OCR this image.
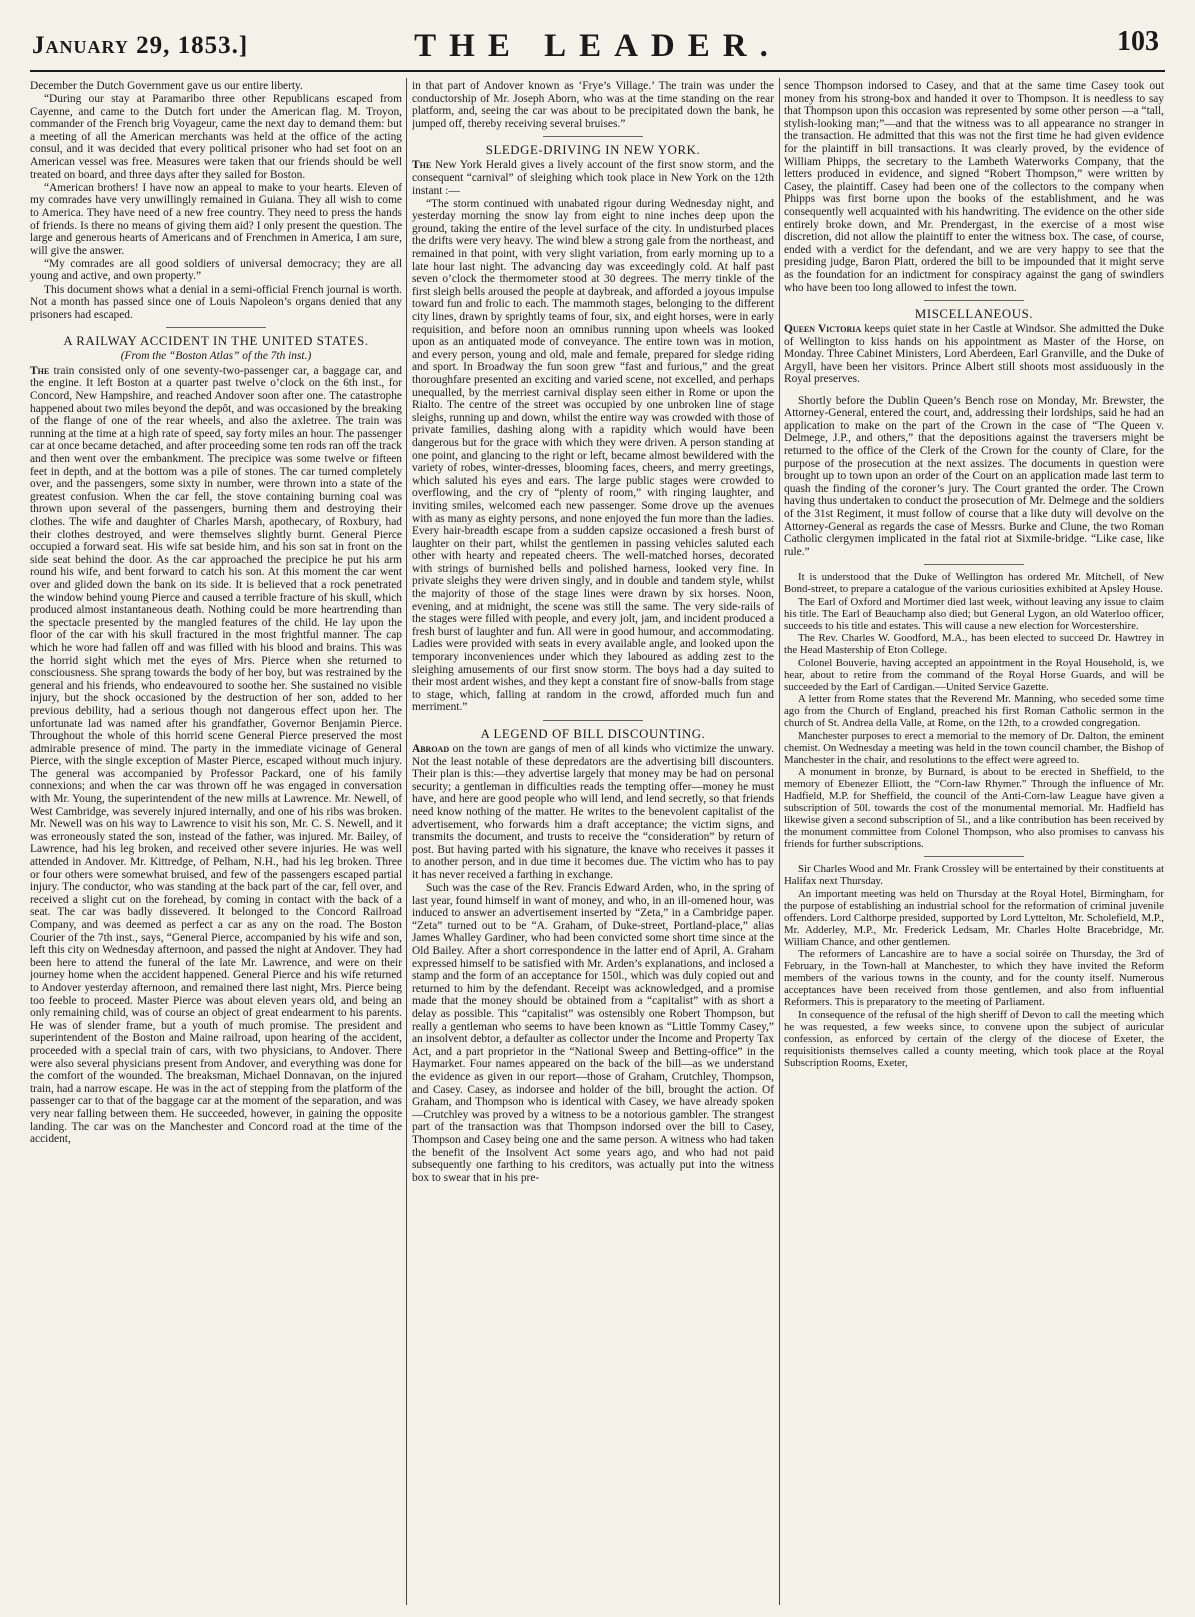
January 29, 1853.]	THE LEADER.	103

December the Dutch Government gave us our entire liberty.

“During our stay at Paramaribo three other Republicans escaped from Cayenne, and came to the Dutch fort under the American flag. M. Troyon, commander of the French brig Voyageur, came the next day to demand them: but a meeting of all the American merchants was held at the office of the acting consul, and it was decided that every political prisoner who had set foot on an American vessel was free. Measures were taken that our friends should be well treated on board, and three days after they sailed for Boston.

“American brothers! I have now an appeal to make to your hearts. Eleven of my comrades have very unwillingly remained in Guiana. They all wish to come to America. They have need of a new free country. They need to press the hands of friends. Is there no means of giving them aid? I only present the question. The large and generous hearts of Americans and of Frenchmen in America, I am sure, will give the answer.

“My comrades are all good soldiers of universal democracy; they are all young and active, and own property.”

This document shows what a denial in a semi-official French journal is worth. Not a month has passed since one of Louis Napoleon’s organs denied that any prisoners had escaped.

A RAILWAY ACCIDENT IN THE UNITED STATES.

(From the “Boston Atlas” of the 7th inst.)

The train consisted only of one seventy-two-passenger car, a baggage car, and the engine. It left Boston at a quarter past twelve o’clock on the 6th inst., for Concord, New Hampshire, and reached Andover soon after one. The catastrophe happened about two miles beyond the depôt, and was occasioned by the breaking of the flange of one of the rear wheels, and also the axletree. The train was running at the time at a high rate of speed, say forty miles an hour. The passenger car at once became detached, and after proceeding some ten rods ran off the track and then went over the embankment. The precipice was some twelve or fifteen feet in depth, and at the bottom was a pile of stones. The car turned completely over, and the passengers, some sixty in number, were thrown into a state of the greatest confusion. When the car fell, the stove containing burning coal was thrown upon several of the passengers, burning them and destroying their clothes. The wife and daughter of Charles Marsh, apothecary, of Roxbury, had their clothes destroyed, and were themselves slightly burnt. General Pierce occupied a forward seat. His wife sat beside him, and his son sat in front on the side seat behind the door. As the car approached the precipice he put his arm round his wife, and bent forward to catch his son. At this moment the car went over and glided down the bank on its side. It is believed that a rock penetrated the window behind young Pierce and caused a terrible fracture of his skull, which produced almost instantaneous death. Nothing could be more heartrending than the spectacle presented by the mangled features of the child. He lay upon the floor of the car with his skull fractured in the most frightful manner. The cap which he wore had fallen off and was filled with his blood and brains. This was the horrid sight which met the eyes of Mrs. Pierce when she returned to consciousness. She sprang towards the body of her boy, but was restrained by the general and his friends, who endeavoured to soothe her. She sustained no visible injury, but the shock occasioned by the destruction of her son, added to her previous debility, had a serious though not dangerous effect upon her. The unfortunate lad was named after his grandfather, Governor Benjamin Pierce. Throughout the whole of this horrid scene General Pierce preserved the most admirable presence of mind. The party in the immediate vicinage of General Pierce, with the single exception of Master Pierce, escaped without much injury. The general was accompanied by Professor Packard, one of his family connexions; and when the car was thrown off he was engaged in conversation with Mr. Young, the superintendent of the new mills at Lawrence. Mr. Newell, of West Cambridge, was severely injured internally, and one of his ribs was broken. Mr. Newell was on his way to Lawrence to visit his son, Mr. C. S. Newell, and it was erroneously stated the son, instead of the father, was injured. Mr. Bailey, of Lawrence, had his leg broken, and received other severe injuries. He was well attended in Andover. Mr. Kittredge, of Pelham, N.H., had his leg broken. Three or four others were somewhat bruised, and few of the passengers escaped partial injury. The conductor, who was standing at the back part of the car, fell over, and received a slight cut on the forehead, by coming in contact with the back of a seat. The car was badly dissevered. It belonged to the Concord Railroad Company, and was deemed as perfect a car as any on the road. The Boston Courier of the 7th inst., says, “General Pierce, accompanied by his wife and son, left this city on Wednesday afternoon, and passed the night at Andover. They had been here to attend the funeral of the late Mr. Lawrence, and were on their journey home when the accident happened. General Pierce and his wife returned to Andover yesterday afternoon, and remained there last night, Mrs. Pierce being too feeble to proceed. Master Pierce was about eleven years old, and being an only remaining child, was of course an object of great endearment to his parents. He was of slender frame, but a youth of much promise. The president and superintendent of the Boston and Maine railroad, upon hearing of the accident, proceeded with a special train of cars, with two physicians, to Andover. There were also several physicians present from Andover, and everything was done for the comfort of the wounded. The breaksman, Michael Donnavan, on the injured train, had a narrow escape. He was in the act of stepping from the platform of the passenger car to that of the baggage car at the moment of the separation, and was very near falling between them. He succeeded, however, in gaining the opposite landing. The car was on the Manchester and Concord road at the time of the accident,

in that part of Andover known as ‘Frye’s Village.’ The train was under the conductorship of Mr. Joseph Aborn, who was at the time standing on the rear platform, and, seeing the car was about to be precipitated down the bank, he jumped off, thereby receiving several bruises.”

SLEDGE-DRIVING IN NEW YORK.

The New York Herald gives a lively account of the first snow storm, and the consequent “carnival” of sleighing which took place in New York on the 12th instant :—

“The storm continued with unabated rigour during Wednesday night, and yesterday morning the snow lay from eight to nine inches deep upon the ground, taking the entire of the level surface of the city. In undisturbed places the drifts were very heavy. The wind blew a strong gale from the northeast, and remained in that point, with very slight variation, from early morning up to a late hour last night. The advancing day was exceedingly cold. At half past seven o’clock the thermometer stood at 30 degrees. The merry tinkle of the first sleigh bells aroused the people at daybreak, and afforded a joyous impulse toward fun and frolic to each. The mammoth stages, belonging to the different city lines, drawn by sprightly teams of four, six, and eight horses, were in early requisition, and before noon an omnibus running upon wheels was looked upon as an antiquated mode of conveyance. The entire town was in motion, and every person, young and old, male and female, prepared for sledge riding and sport. In Broadway the fun soon grew “fast and furious,” and the great thoroughfare presented an exciting and varied scene, not excelled, and perhaps unequalled, by the merriest carnival display seen either in Rome or upon the Rialto. The centre of the street was occupied by one unbroken line of stage sleighs, running up and down, whilst the entire way was crowded with those of private families, dashing along with a rapidity which would have been dangerous but for the grace with which they were driven. A person standing at one point, and glancing to the right or left, became almost bewildered with the variety of robes, winter-dresses, blooming faces, cheers, and merry greetings, which saluted his eyes and ears. The large public stages were crowded to overflowing, and the cry of “plenty of room,” with ringing laughter, and inviting smiles, welcomed each new passenger. Some drove up the avenues with as many as eighty persons, and none enjoyed the fun more than the ladies. Every hair-breadth escape from a sudden capsize occasioned a fresh burst of laughter on their part, whilst the gentlemen in passing vehicles saluted each other with hearty and repeated cheers. The well-matched horses, decorated with strings of burnished bells and polished harness, looked very fine. In private sleighs they were driven singly, and in double and tandem style, whilst the majority of those of the stage lines were drawn by six horses. Noon, evening, and at midnight, the scene was still the same. The very side-rails of the stages were filled with people, and every jolt, jam, and incident produced a fresh burst of laughter and fun. All were in good humour, and accommodating. Ladies were provided with seats in every available angle, and looked upon the temporary inconveniences under which they laboured as adding zest to the sleighing amusements of our first snow storm. The boys had a day suited to their most ardent wishes, and they kept a constant fire of snow-balls from stage to stage, which, falling at random in the crowd, afforded much fun and merriment.”

A LEGEND OF BILL DISCOUNTING.

Abroad on the town are gangs of men of all kinds who victimize the unwary. Not the least notable of these depredators are the advertising bill discounters. Their plan is this:—they advertise largely that money may be had on personal security; a gentleman in difficulties reads the tempting offer—money he must have, and here are good people who will lend, and lend secretly, so that friends need know nothing of the matter. He writes to the benevolent capitalist of the advertisement, who forwards him a draft acceptance; the victim signs, and transmits the document, and trusts to receive the “consideration” by return of post. But having parted with his signature, the knave who receives it passes it to another person, and in due time it becomes due. The victim who has to pay it has never received a farthing in exchange.

Such was the case of the Rev. Francis Edward Arden, who, in the spring of last year, found himself in want of money, and who, in an ill-omened hour, was induced to answer an advertisement inserted by “Zeta,” in a Cambridge paper. “Zeta” turned out to be “A. Graham, of Duke-street, Portland-place,” alias James Whalley Gardiner, who had been convicted some short time since at the Old Bailey. After a short correspondence in the latter end of April, A. Graham expressed himself to be satisfied with Mr. Arden’s explanations, and inclosed a stamp and the form of an acceptance for 150l., which was duly copied out and returned to him by the defendant. Receipt was acknowledged, and a promise made that the money should be obtained from a “capitalist” with as short a delay as possible. This “capitalist” was ostensibly one Robert Thompson, but really a gentleman who seems to have been known as “Little Tommy Casey,” an insolvent debtor, a defaulter as collector under the Income and Property Tax Act, and a part proprietor in the “National Sweep and Betting-office” in the Haymarket. Four names appeared on the back of the bill—as we understand the evidence as given in our report—those of Graham, Crutchley, Thompson, and Casey. Casey, as indorsee and holder of the bill, brought the action. Of Graham, and Thompson who is identical with Casey, we have already spoken—Crutchley was proved by a witness to be a notorious gambler. The strangest part of the transaction was that Thompson indorsed over the bill to Casey, Thompson and Casey being one and the same person. A witness who had taken the benefit of the Insolvent Act some years ago, and who had not paid subsequently one farthing to his creditors, was actually put into the witness box to swear that in his pre-

sence Thompson indorsed to Casey, and that at the same time Casey took out money from his strong-box and handed it over to Thompson. It is needless to say that Thompson upon this occasion was represented by some other person —a “tall, stylish-looking man;”—and that the witness was to all appearance no stranger in the transaction. He admitted that this was not the first time he had given evidence for the plaintiff in bill transactions. It was clearly proved, by the evidence of William Phipps, the secretary to the Lambeth Waterworks Company, that the letters produced in evidence, and signed “Robert Thompson,” were written by Casey, the plaintiff. Casey had been one of the collectors to the company when Phipps was first borne upon the books of the establishment, and he was consequently well acquainted with his handwriting. The evidence on the other side entirely broke down, and Mr. Prendergast, in the exercise of a most wise discretion, did not allow the plaintiff to enter the witness box. The case, of course, ended with a verdict for the defendant, and we are very happy to see that the presiding judge, Baron Platt, ordered the bill to be impounded that it might serve as the foundation for an indictment for conspiracy against the gang of swindlers who have been too long allowed to infest the town.

MISCELLANEOUS.

Queen Victoria keeps quiet state in her Castle at Windsor. She admitted the Duke of Wellington to kiss hands on his appointment as Master of the Horse, on Monday. Three Cabinet Ministers, Lord Aberdeen, Earl Granville, and the Duke of Argyll, have been her visitors. Prince Albert still shoots most assiduously in the Royal preserves.

Shortly before the Dublin Queen’s Bench rose on Monday, Mr. Brewster, the Attorney-General, entered the court, and, addressing their lordships, said he had an application to make on the part of the Crown in the case of “The Queen v. Delmege, J.P., and others,” that the depositions against the traversers might be returned to the office of the Clerk of the Crown for the county of Clare, for the purpose of the prosecution at the next assizes. The documents in question were brought up to town upon an order of the Court on an application made last term to quash the finding of the coroner’s jury. The Court granted the order. The Crown having thus undertaken to conduct the prosecution of Mr. Delmege and the soldiers of the 31st Regiment, it must follow of course that a like duty will devolve on the Attorney-General as regards the case of Messrs. Burke and Clune, the two Roman Catholic clergymen implicated in the fatal riot at Sixmile-bridge. “Like case, like rule.”

It is understood that the Duke of Wellington has ordered Mr. Mitchell, of New Bond-street, to prepare a catalogue of the various curiosities exhibited at Apsley House.

The Earl of Oxford and Mortimer died last week, without leaving any issue to claim his title. The Earl of Beauchamp also died; but General Lygon, an old Waterloo officer, succeeds to his title and estates. This will cause a new election for Worcestershire.

The Rev. Charles W. Goodford, M.A., has been elected to succeed Dr. Hawtrey in the Head Mastership of Eton College.

Colonel Bouverie, having accepted an appointment in the Royal Household, is, we hear, about to retire from the command of the Royal Horse Guards, and will be succeeded by the Earl of Cardigan.—United Service Gazette.

A letter from Rome states that the Reverend Mr. Manning, who seceded some time ago from the Church of England, preached his first Roman Catholic sermon in the church of St. Andrea della Valle, at Rome, on the 12th, to a crowded congregation.

Manchester purposes to erect a memorial to the memory of Dr. Dalton, the eminent chemist. On Wednesday a meeting was held in the town council chamber, the Bishop of Manchester in the chair, and resolutions to the effect were agreed to.

A monument in bronze, by Burnard, is about to be erected in Sheffield, to the memory of Ebenezer Elliott, the “Corn-law Rhymer.” Through the influence of Mr. Hadfield, M.P. for Sheffield, the council of the Anti-Corn-law League have given a subscription of 50l. towards the cost of the monumental memorial. Mr. Hadfield has likewise given a second subscription of 5l., and a like contribution has been received by the monument committee from Colonel Thompson, who also promises to canvass his friends for further subscriptions.

Sir Charles Wood and Mr. Frank Crossley will be entertained by their constituents at Halifax next Thursday.

An important meeting was held on Thursday at the Royal Hotel, Birmingham, for the purpose of establishing an industrial school for the reformation of criminal juvenile offenders. Lord Calthorpe presided, supported by Lord Lyttelton, Mr. Scholefield, M.P., Mr. Adderley, M.P., Mr. Frederick Ledsam, Mr. Charles Holte Bracebridge, Mr. William Chance, and other gentlemen.

The reformers of Lancashire are to have a social soirée on Thursday, the 3rd of February, in the Town-hall at Manchester, to which they have invited the Reform members of the various towns in the county, and for the county itself. Numerous acceptances have been received from those gentlemen, and also from influential Reformers. This is preparatory to the meeting of Parliament.

In consequence of the refusal of the high sheriff of Devon to call the meeting which he was requested, a few weeks since, to convene upon the subject of auricular confession, as enforced by certain of the clergy of the diocese of Exeter, the requisitionists themselves called a county meeting, which took place at the Royal Subscription Rooms, Exeter,
